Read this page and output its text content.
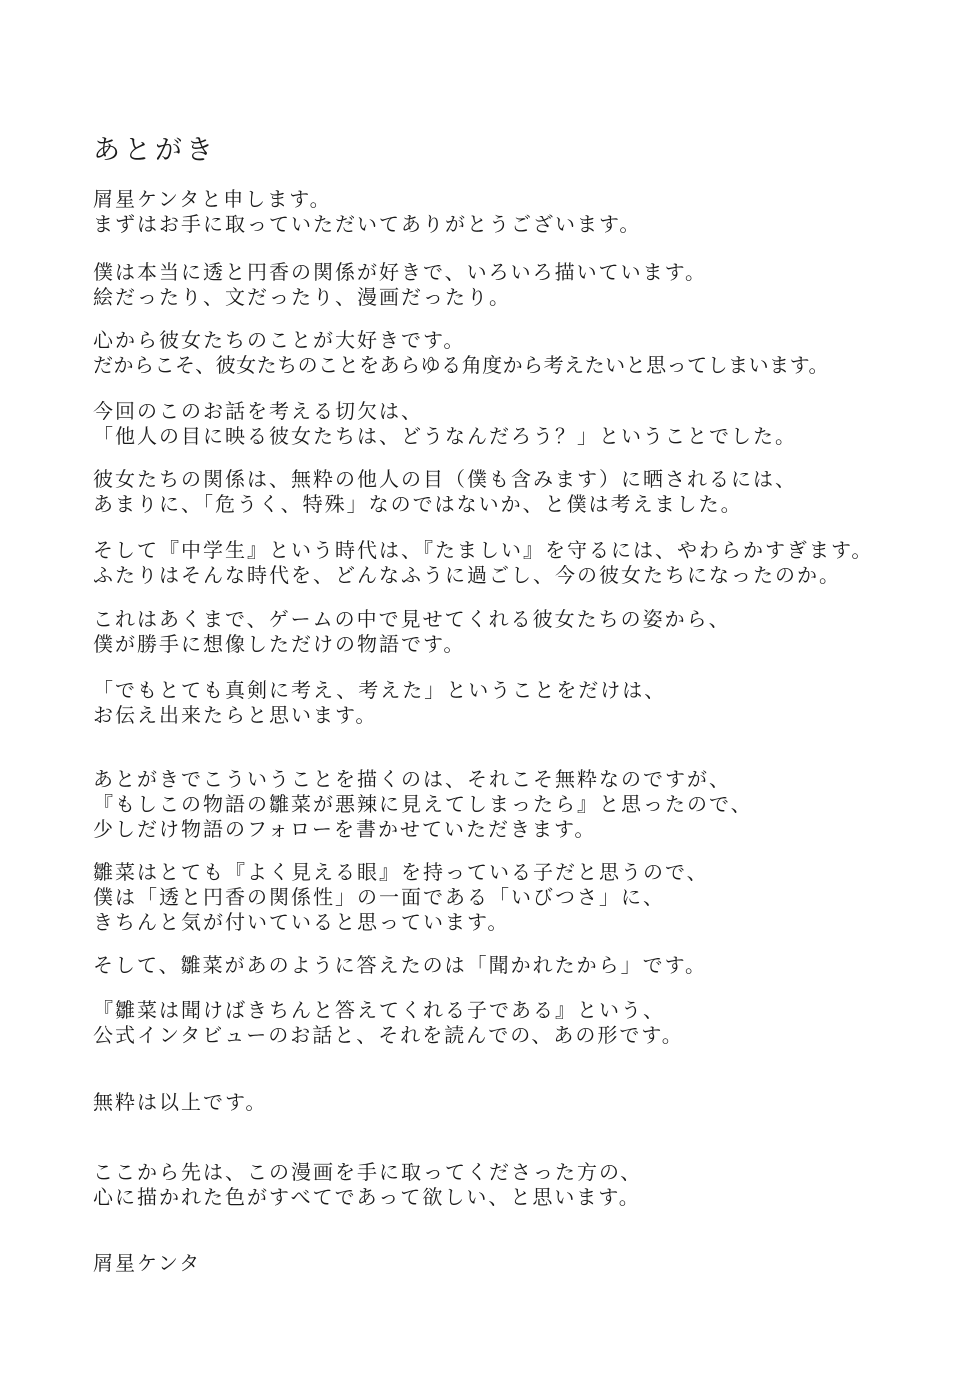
あとがき
屑星ケンタと申します。
まずはお手に取っていただいてありがとうございます。
僕は本当に透と円香の関係が好きで、いろいろ描いています。
絵だったり、文だったり、漫画だったり。
心から彼女たちのことが大好きです。
だからこそ、彼女たちのことをあらゆる角度から考えたいと思ってしまいます。
今回のこのお話を考える切欠は、
「他人の目に映る彼女たちは、どうなんだろう？」ということでした。
彼女たちの関係は、無粋の他人の目（僕も含みます）に晒されるには、
あまりに、「危うく、特殊」なのではないか、と僕は考えました。
そして『中学生』という時代は、『たましい』を守るには、やわらかすぎます。
ふたりはそんな時代を、どんなふうに過ごし、今の彼女たちになったのか。
これはあくまで、ゲームの中で見せてくれる彼女たちの姿から、
僕が勝手に想像しただけの物語です。
「でもとても真剣に考え、考えた」ということをだけは、
お伝え出来たらと思います。
あとがきでこういうことを描くのは、それこそ無粋なのですが、
『もしこの物語の雛菜が悪辣に見えてしまったら』と思ったので、
少しだけ物語のフォローを書かせていただきます。
雛菜はとても『よく見える眼』を持っている子だと思うので、
僕は「透と円香の関係性」の一面である「いびつさ」に、
きちんと気が付いていると思っています。
そして、雛菜があのように答えたのは「聞かれたから」です。
『雛菜は聞けばきちんと答えてくれる子である』という、
公式インタビューのお話と、それを読んでの、あの形です。
無粋は以上です。
ここから先は、この漫画を手に取ってくださった方の、
心に描かれた色がすべてであって欲しい、と思います。
屑星ケンタ
